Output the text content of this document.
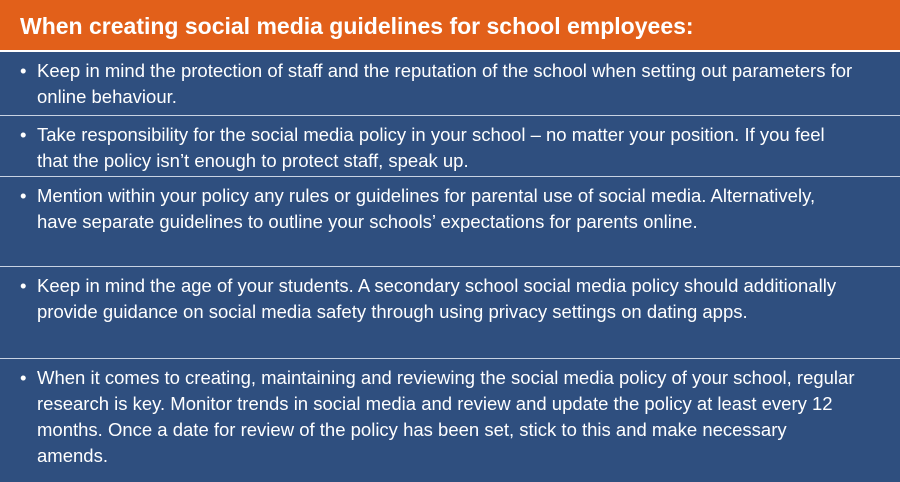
When creating social media guidelines for school employees:
• Keep in mind the protection of staff and the reputation of the school when setting out parameters for online behaviour.
• Take responsibility for the social media policy in your school – no matter your position. If you feel that the policy isn’t enough to protect staff, speak up.
• Mention within your policy any rules or guidelines for parental use of social media. Alternatively, have separate guidelines to outline your schools’ expectations for parents online.
• Keep in mind the age of your students. A secondary school social media policy should additionally provide guidance on social media safety through using privacy settings on dating apps.
• When it comes to creating, maintaining and reviewing the social media policy of your school, regular research is key. Monitor trends in social media and review and update the policy at least every 12 months. Once a date for review of the policy has been set, stick to this and make necessary amends.
